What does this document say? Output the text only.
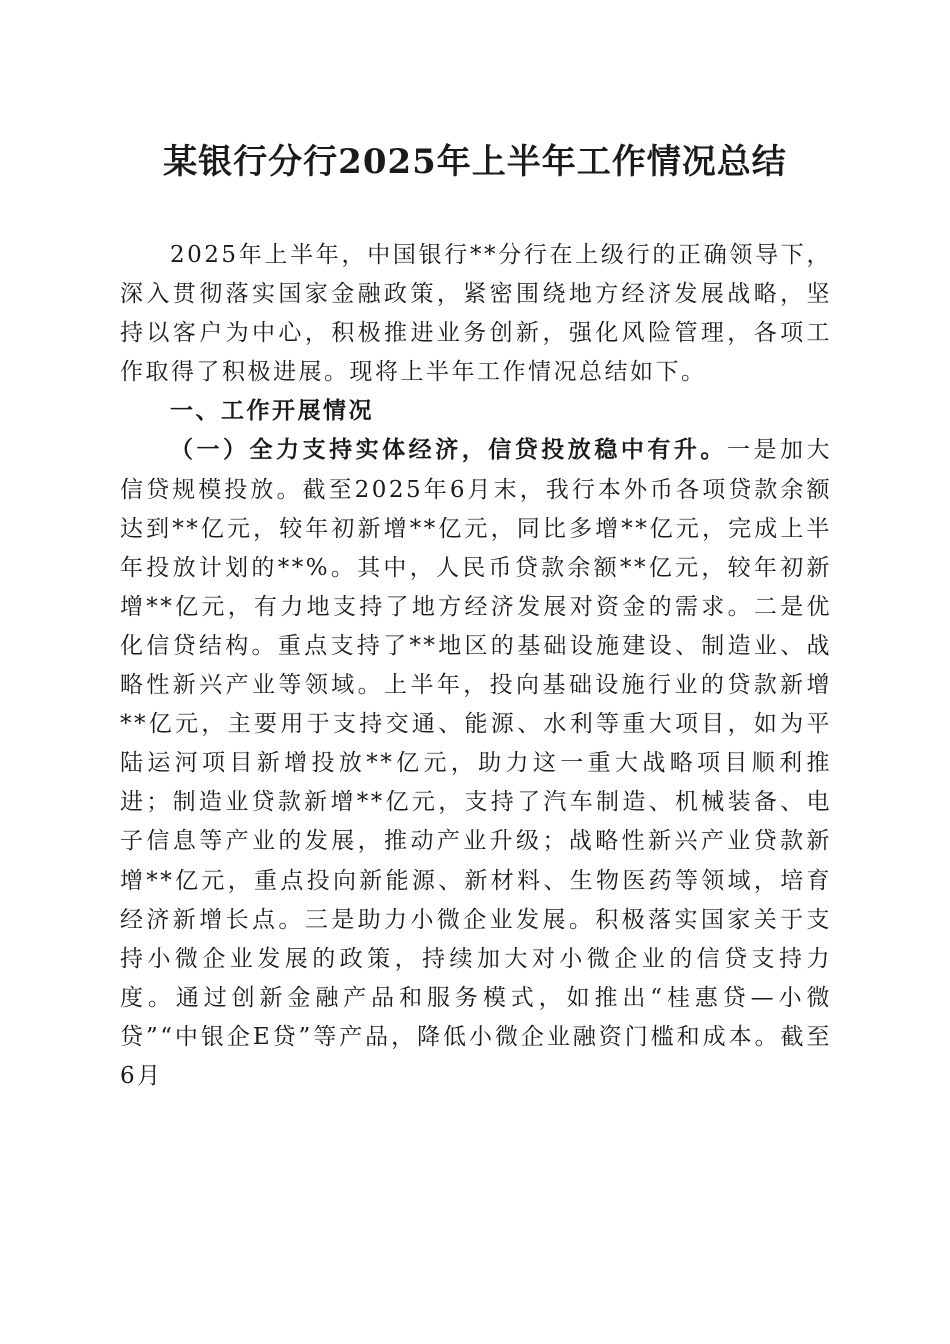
某银行分行2025年上半年工作情况总结

2025年上半年，中国银行**分行在上级行的正确领导下，深入贯彻落实国家金融政策，紧密围绕地方经济发展战略，坚持以客户为中心，积极推进业务创新，强化风险管理，各项工作取得了积极进展。现将上半年工作情况总结如下。

一、工作开展情况

（一）全力支持实体经济，信贷投放稳中有升。一是加大信贷规模投放。截至2025年6月末，我行本外币各项贷款余额达到**亿元，较年初新增**亿元，同比多增**亿元，完成上半年投放计划的**%。其中，人民币贷款余额**亿元，较年初新增**亿元，有力地支持了地方经济发展对资金的需求。二是优化信贷结构。重点支持了**地区的基础设施建设、制造业、战略性新兴产业等领域。上半年，投向基础设施行业的贷款新增**亿元，主要用于支持交通、能源、水利等重大项目，如为平陆运河项目新增投放**亿元，助力这一重大战略项目顺利推进；制造业贷款新增**亿元，支持了汽车制造、机械装备、电子信息等产业的发展，推动产业升级；战略性新兴产业贷款新增**亿元，重点投向新能源、新材料、生物医药等领域，培育经济新增长点。三是助力小微企业发展。积极落实国家关于支持小微企业发展的政策，持续加大对小微企业的信贷支持力度。通过创新金融产品和服务模式，如推出“桂惠贷—小微贷”“中银企E贷”等产品，降低小微企业融资门槛和成本。截至6月
